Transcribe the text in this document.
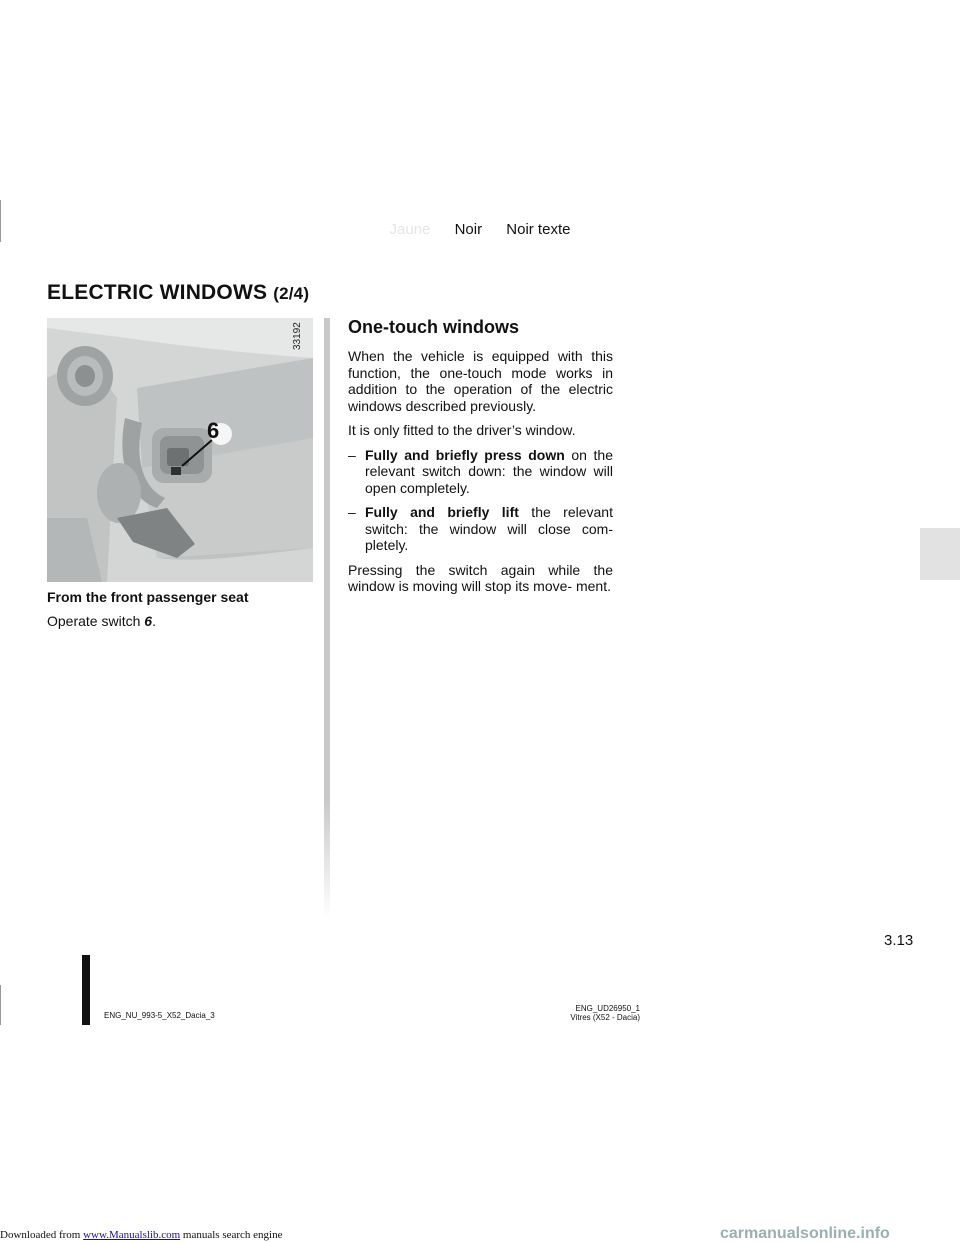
Jaune Noir Noir texte
ELECTRIC WINDOWS (2/4)
6
33192
From the front passenger seat
Operate switch 6.
One-touch windows

When the vehicle is equipped with this function, the one-touch mode works in addition to the operation of the electric windows described previously.

It is only fitted to the driver’s window.

– Fully and briefly press down on the relevant switch down: the window will open completely.
– Fully and briefly lift the relevant switch: the window will close com- pletely.

Pressing the switch again while the window is moving will stop its move- ment.

3.13
ENG_NU_993-5_X52_Dacia_3
ENG_UD26950_1
Vitres (X52 - Dacia)
Downloaded from www.Manualslib.com manuals search engine	carmanualsonline.info
